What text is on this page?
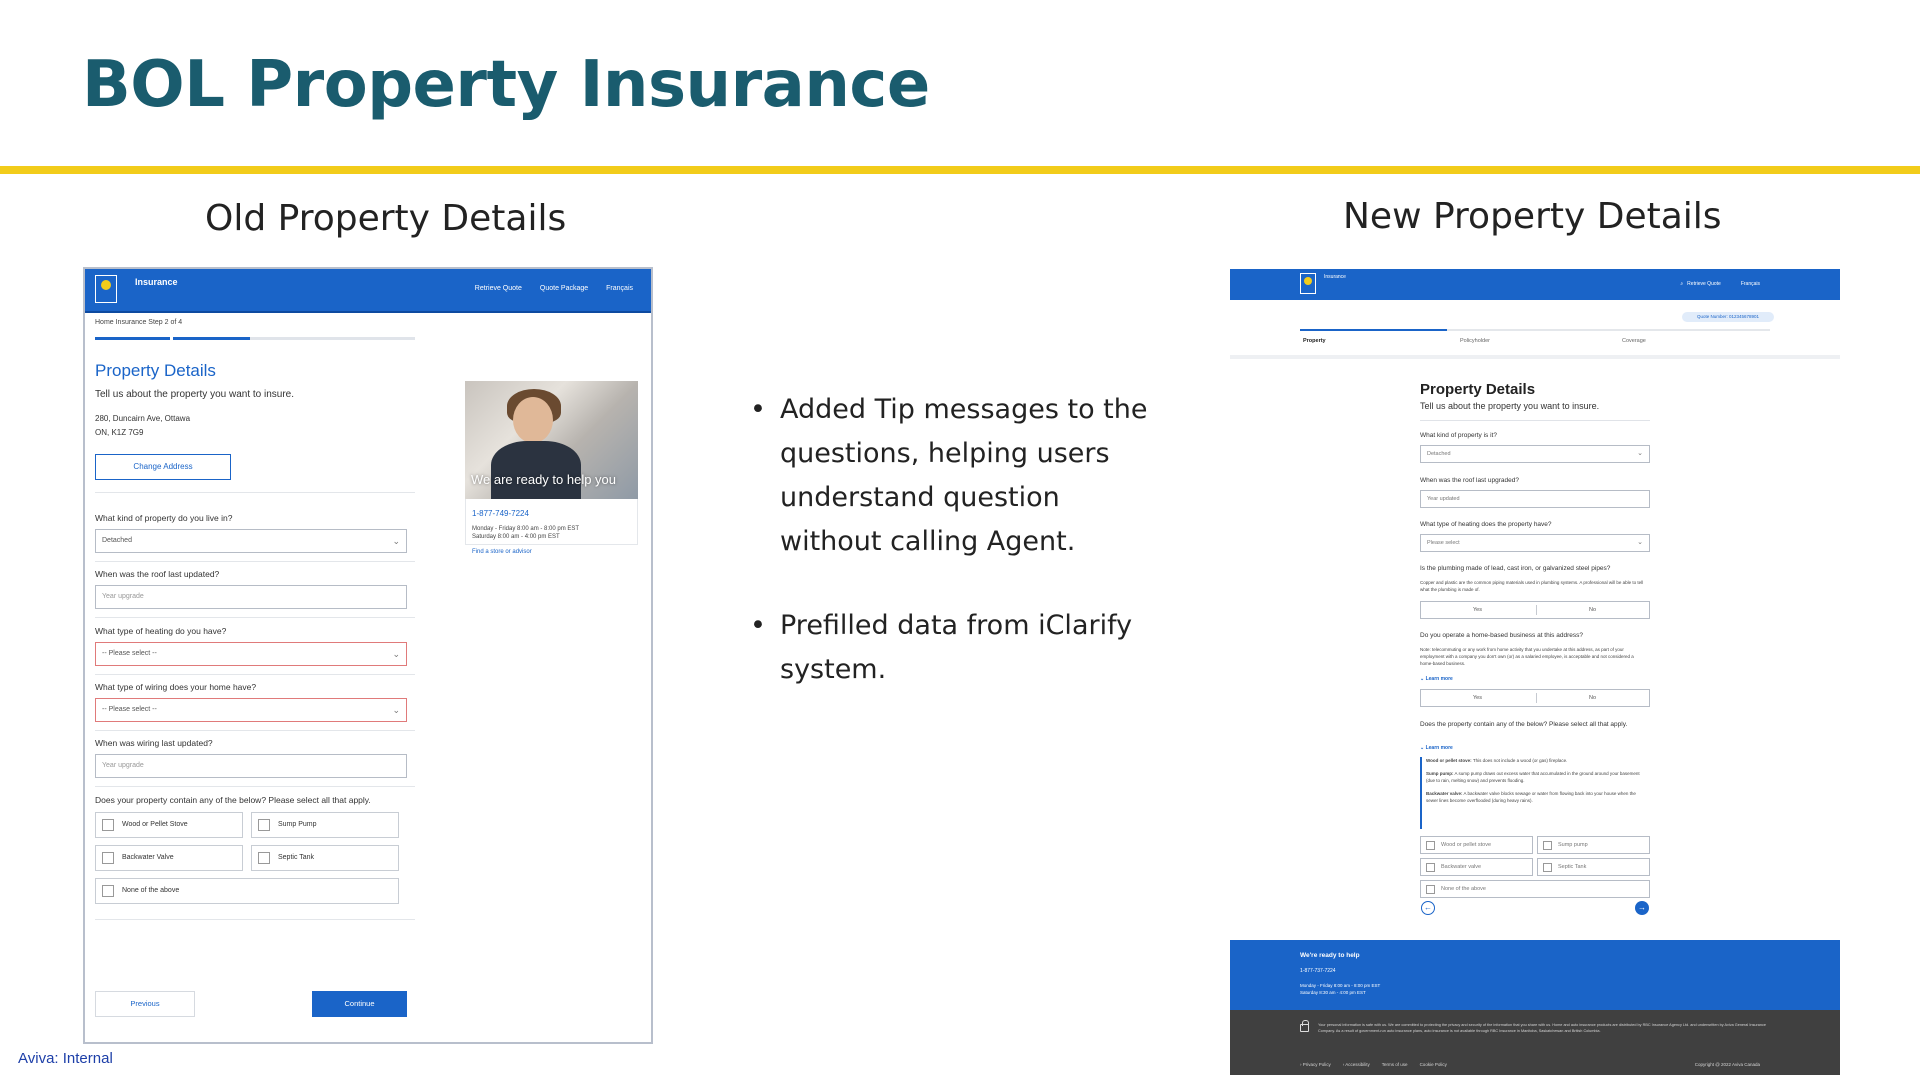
BOL Property Insurance
Old Property Details	New Property Details
Insurance
Retrieve Quote	Quote Package	Français
Home Insurance Step 2 of 4
Property Details
Tell us about the property you want to insure.
280, Duncairn Ave, Ottawa
ON, K1Z 7G9
Change Address
What kind of property do you live in?
Detached	⌄
When was the roof last updated?
Year upgrade
What type of heating do you have?
-- Please select --	⌄
What type of wiring does your home have?
-- Please select --	⌄
When was wiring last updated?
Year upgrade
Does your property contain any of the below? Please select all that apply.
Wood or Pellet Stove	Sump Pump
Backwater Valve	Septic Tank
None of the above
Previous	Continue
We are ready to help you
1-877-749-7224
Monday - Friday 8:00 am - 8:00 pm EST
Saturday 8:00 am - 4:00 pm EST
Find a store or advisor
• Added Tip messages to the questions, helping users understand question without calling Agent.
• Prefilled data from iClarify system.
Insurance
⌕ Retrieve Quote	Français
Quote Number: 012345678901
Property	Policyholder	Coverage
Property Details
Tell us about the property you want to insure.
What kind of property is it?
Detached	⌄
When was the roof last upgraded?
Year updated
What type of heating does the property have?
Please select	⌄
Is the plumbing made of lead, cast iron, or galvanized steel pipes?
Copper and plastic are the common piping materials used in plumbing systems. A professional will be able to tell what the plumbing is made of.
Yes	No
Do you operate a home-based business at this address?
Note: telecommuting or any work from home activity that you undertake at this address, as part of your employment with a company you don't own (or) as a salaried employee, is acceptable and not considered a home-based business.
⌄ Learn more
Yes	No
Does the property contain any of the below? Please select all that apply.
⌄ Learn more

Wood or pellet stove: This does not include a wood (or gas) fireplace.

Sump pump: A sump pump draws out excess water that accumulated in the ground around your basement (due to rain, melting snow) and prevents flooding.

Backwater valve: A backwater valve blocks sewage or water from flowing back into your house when the sewer lines become overflooded (during heavy rains).

Wood or pellet stove	Sump pump
Backwater valve	Septic Tank
None of the above
←	→
We're ready to help
1-877-737-7224
Monday - Friday 8:00 am - 8:00 pm EST
Saturday 8:30 am - 4:00 pm EST
Your personal information is safe with us. We are committed to protecting the privacy and security of the information that you share with us. Home and auto insurance products are distributed by RBC Insurance Agency Ltd. and underwritten by Aviva General Insurance Company. As a result of government-run auto insurance plans, auto insurance is not available through RBC Insurance in Manitoba, Saskatchewan and British Columbia.
› Privacy Policy	› Accessibility	Terms of use	Cookie Policy	Copyright @ 2022 Aviva Canada
Aviva: Internal
